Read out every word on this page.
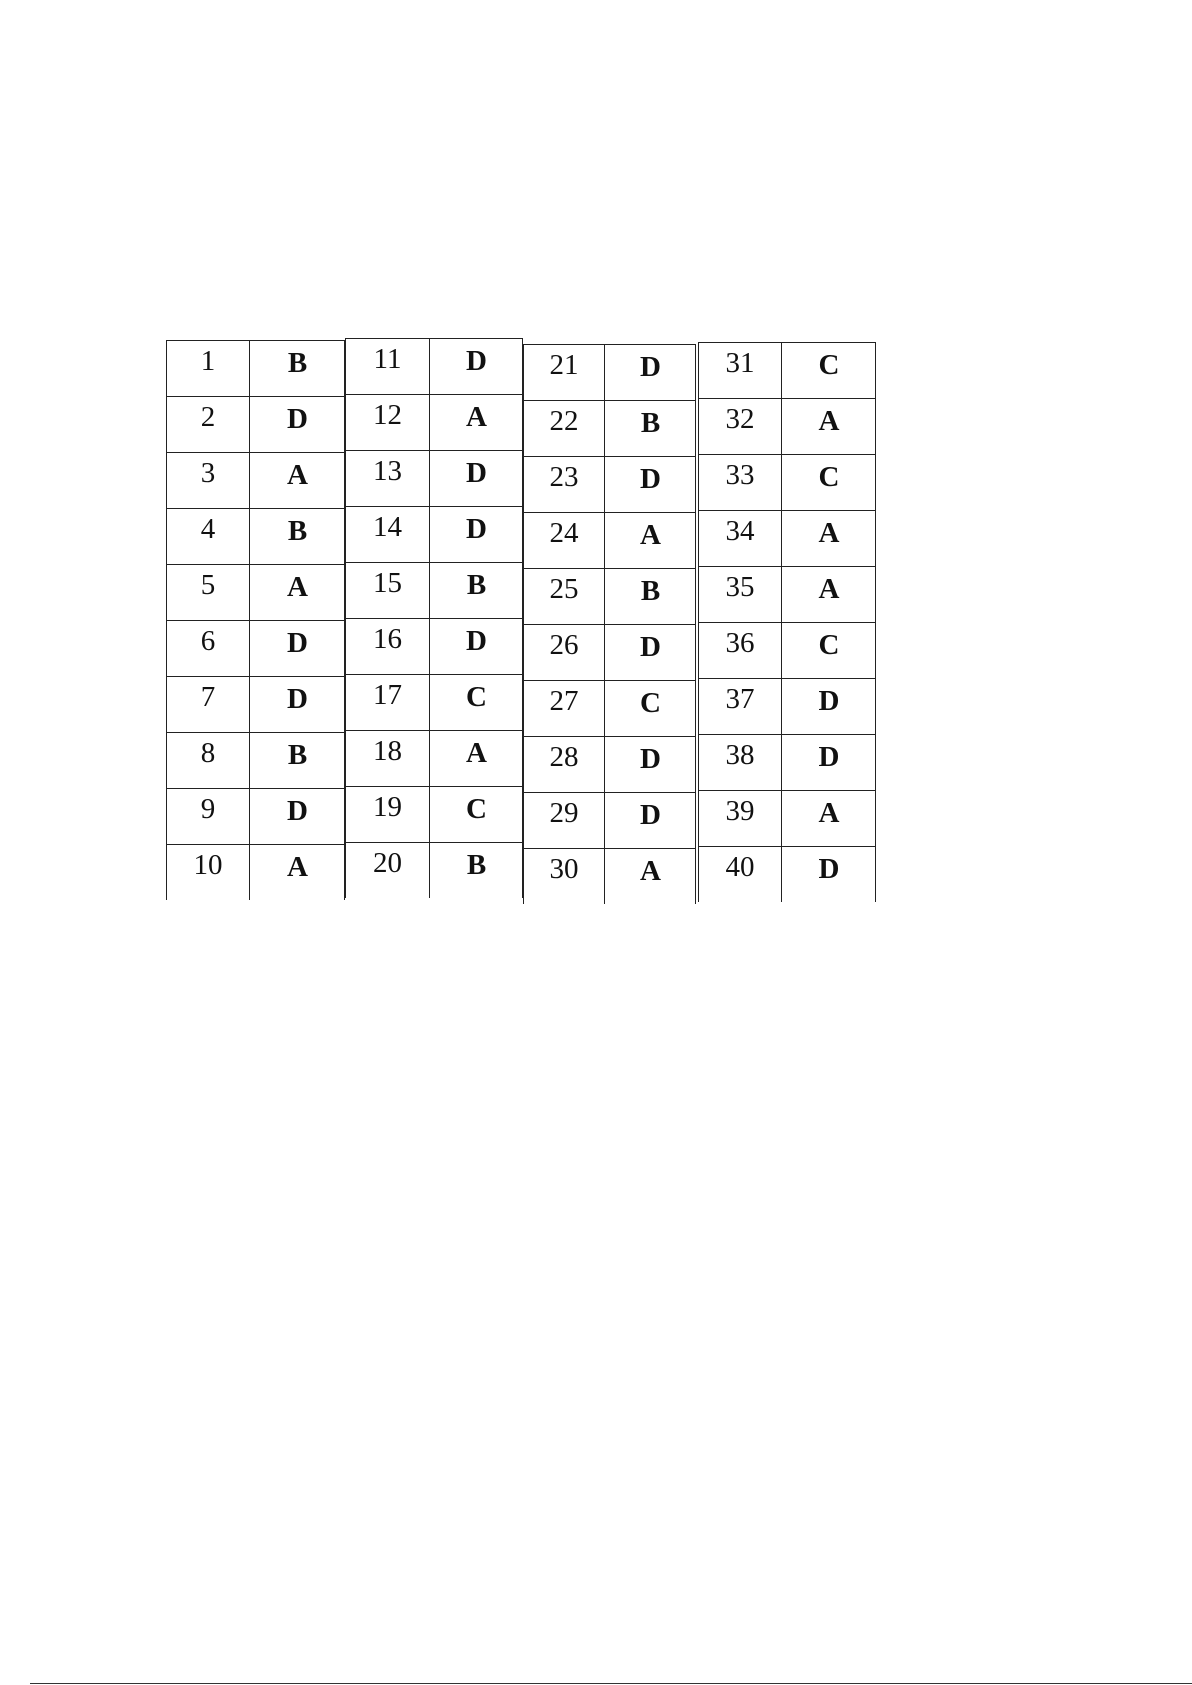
1	B
2	D
3	A
4	B
5	A
6	D
7	D
8	B
9	D
10	A
11	D
12	A
13	D
14	D
15	B
16	D
17	C
18	A
19	C
20	B
21	D
22	B
23	D
24	A
25	B
26	D
27	C
28	D
29	D
30	A
31	C
32	A
33	C
34	A
35	A
36	C
37	D
38	D
39	A
40	D
